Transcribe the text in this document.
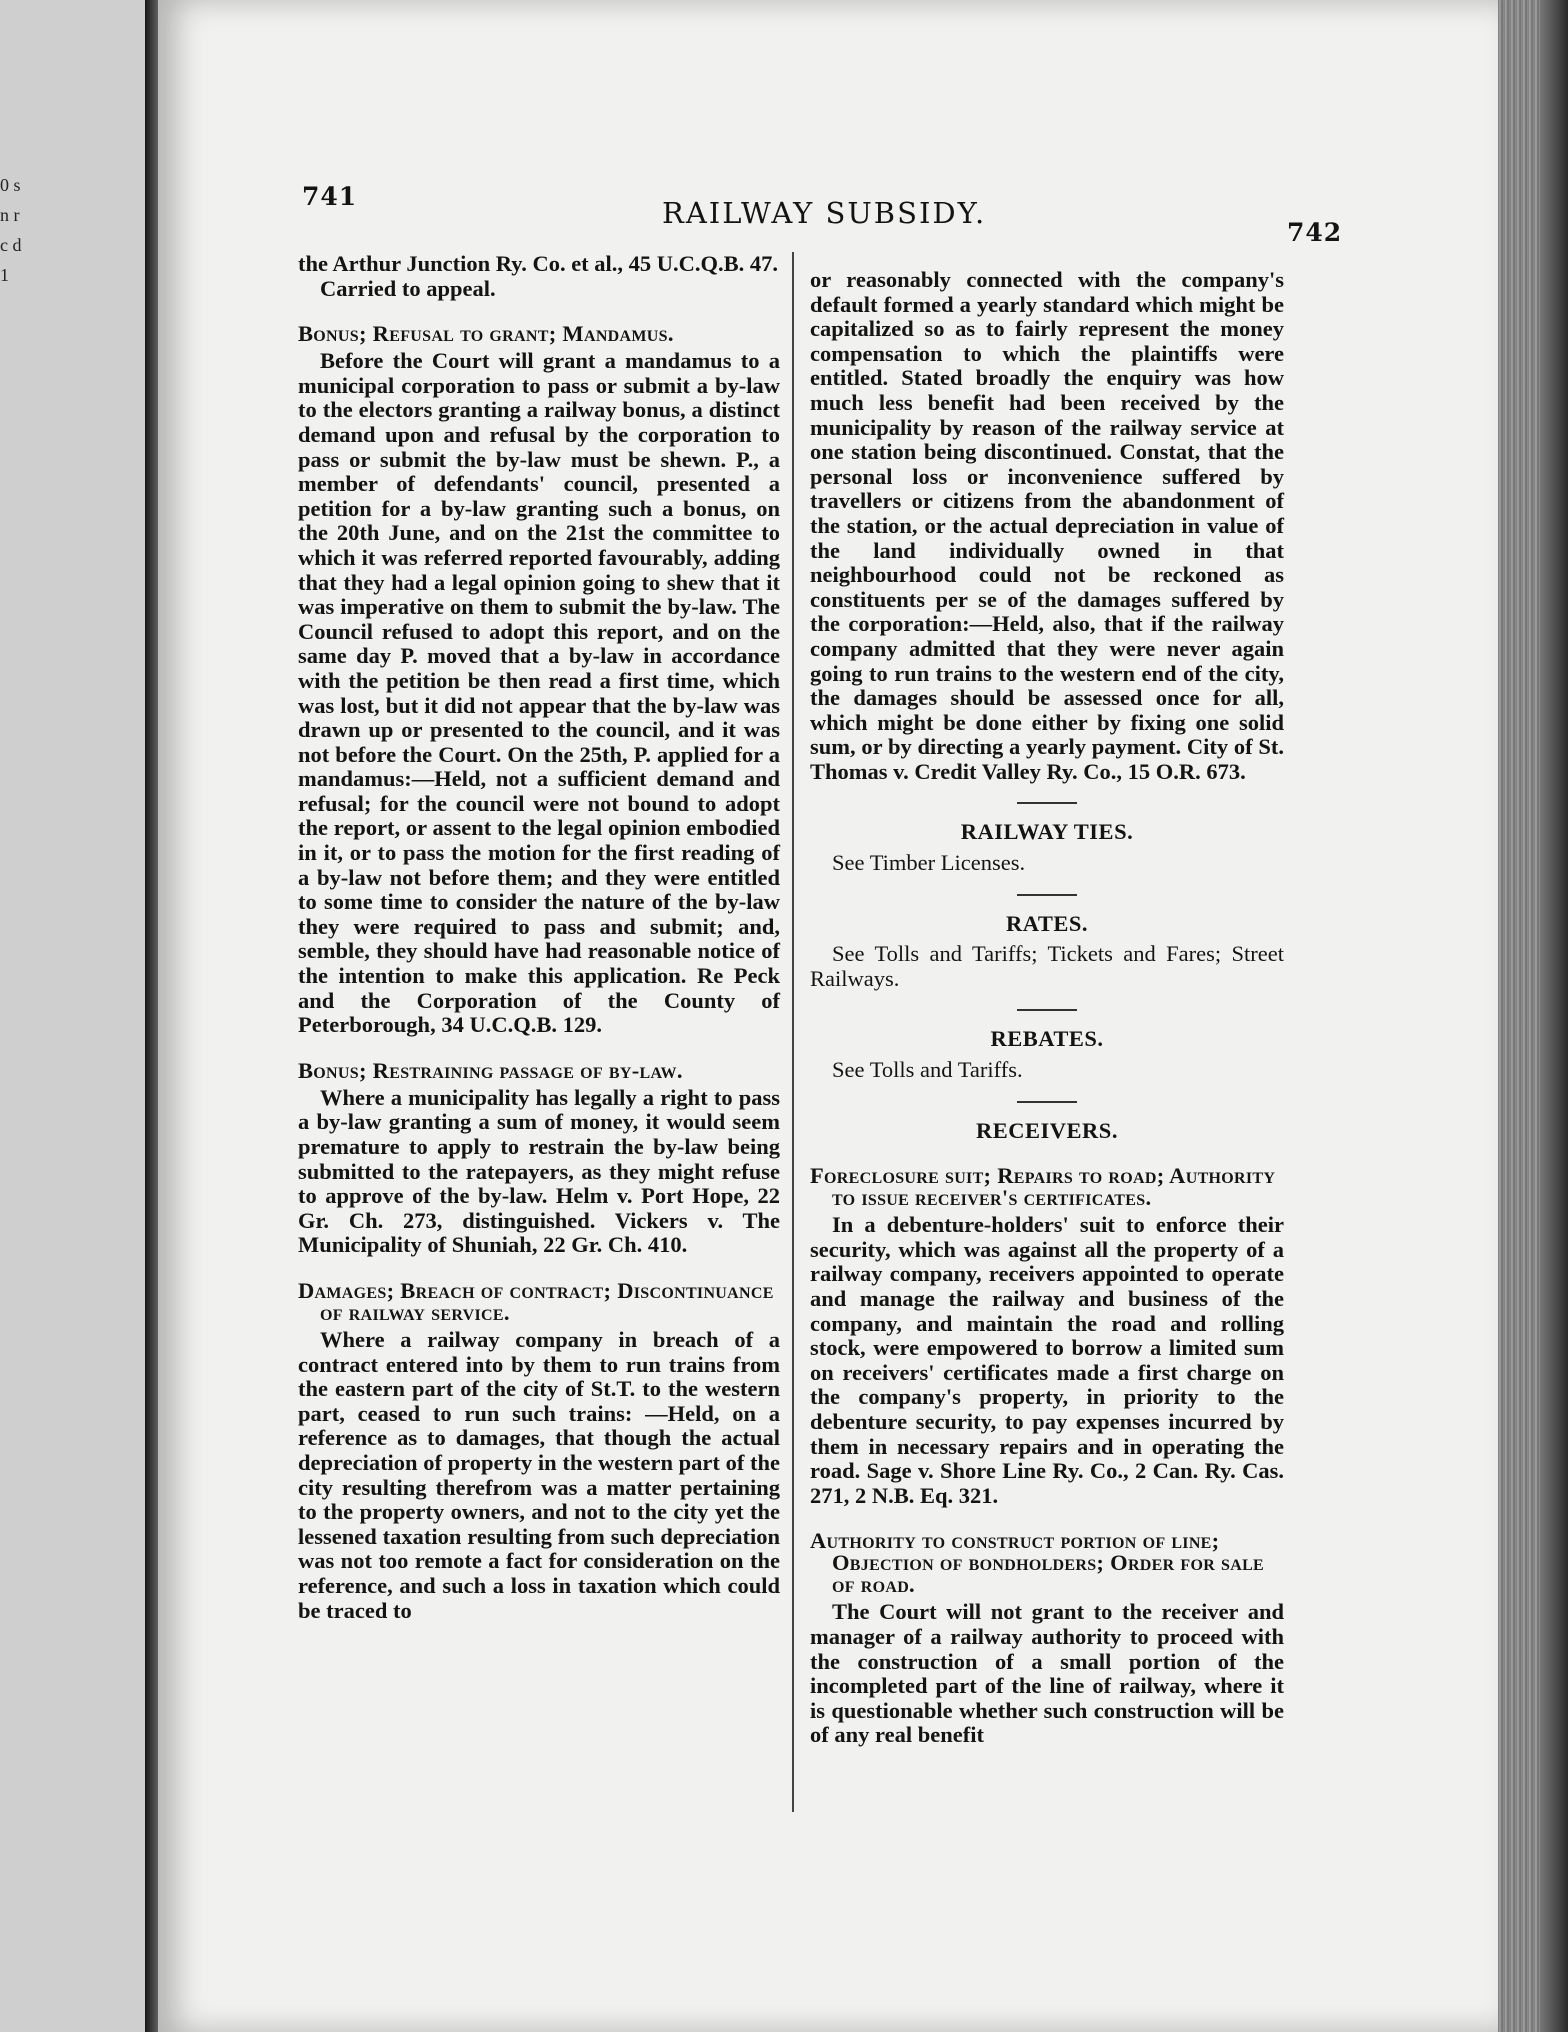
0 s n r c d 1
741	RAILWAY SUBSIDY.
742

the Arthur Junction Ry. Co. et al., 45 U.C.Q.B. 47.

Carried to appeal.

Bonus; Refusal to grant; Mandamus.

Before the Court will grant a mandamus to a municipal corporation to pass or submit a by-law to the electors granting a railway bonus, a distinct demand upon and refusal by the corporation to pass or submit the by-law must be shewn. P., a member of defendants' council, presented a petition for a by-law granting such a bonus, on the 20th June, and on the 21st the committee to which it was referred reported favourably, adding that they had a legal opinion going to shew that it was imperative on them to submit the by-law. The Council refused to adopt this report, and on the same day P. moved that a by-law in accordance with the petition be then read a first time, which was lost, but it did not appear that the by-law was drawn up or presented to the council, and it was not before the Court. On the 25th, P. applied for a mandamus:—Held, not a sufficient demand and refusal; for the council were not bound to adopt the report, or assent to the legal opinion embodied in it, or to pass the motion for the first reading of a by-law not before them; and they were entitled to some time to consider the nature of the by-law they were required to pass and submit; and, semble, they should have had reasonable notice of the intention to make this application. Re Peck and the Corporation of the County of Peterborough, 34 U.C.Q.B. 129.

Bonus; Restraining passage of by-law.

Where a municipality has legally a right to pass a by-law granting a sum of money, it would seem premature to apply to restrain the by-law being submitted to the ratepayers, as they might refuse to approve of the by-law. Helm v. Port Hope, 22 Gr. Ch. 273, distinguished. Vickers v. The Municipality of Shuniah, 22 Gr. Ch. 410.

Damages; Breach of contract; Discontinuance of railway service.

Where a railway company in breach of a contract entered into by them to run trains from the eastern part of the city of St.T. to the western part, ceased to run such trains: —Held, on a reference as to damages, that though the actual depreciation of property in the western part of the city resulting therefrom was a matter pertaining to the property owners, and not to the city yet the lessened taxation resulting from such depreciation was not too remote a fact for consideration on the reference, and such a loss in taxation which could be traced to

or reasonably connected with the company's default formed a yearly standard which might be capitalized so as to fairly represent the money compensation to which the plaintiffs were entitled. Stated broadly the enquiry was how much less benefit had been received by the municipality by reason of the railway service at one station being discontinued. Constat, that the personal loss or inconvenience suffered by travellers or citizens from the abandonment of the station, or the actual depreciation in value of the land individually owned in that neighbourhood could not be reckoned as constituents per se of the damages suffered by the corporation:—Held, also, that if the railway company admitted that they were never again going to run trains to the western end of the city, the damages should be assessed once for all, which might be done either by fixing one solid sum, or by directing a yearly payment. City of St. Thomas v. Credit Valley Ry. Co., 15 O.R. 673.

RAILWAY TIES.

See Timber Licenses.

RATES.

See Tolls and Tariffs; Tickets and Fares; Street Railways.

REBATES.

See Tolls and Tariffs.

RECEIVERS.
Foreclosure suit; Repairs to road; Authority to issue receiver's certificates.

In a debenture-holders' suit to enforce their security, which was against all the property of a railway company, receivers appointed to operate and manage the railway and business of the company, and maintain the road and rolling stock, were empowered to borrow a limited sum on receivers' certificates made a first charge on the company's property, in priority to the debenture security, to pay expenses incurred by them in necessary repairs and in operating the road. Sage v. Shore Line Ry. Co., 2 Can. Ry. Cas. 271, 2 N.B. Eq. 321.

Authority to construct portion of line; Objection of bondholders; Order for sale of road.

The Court will not grant to the receiver and manager of a railway authority to proceed with the construction of a small portion of the incompleted part of the line of railway, where it is questionable whether such construction will be of any real benefit
